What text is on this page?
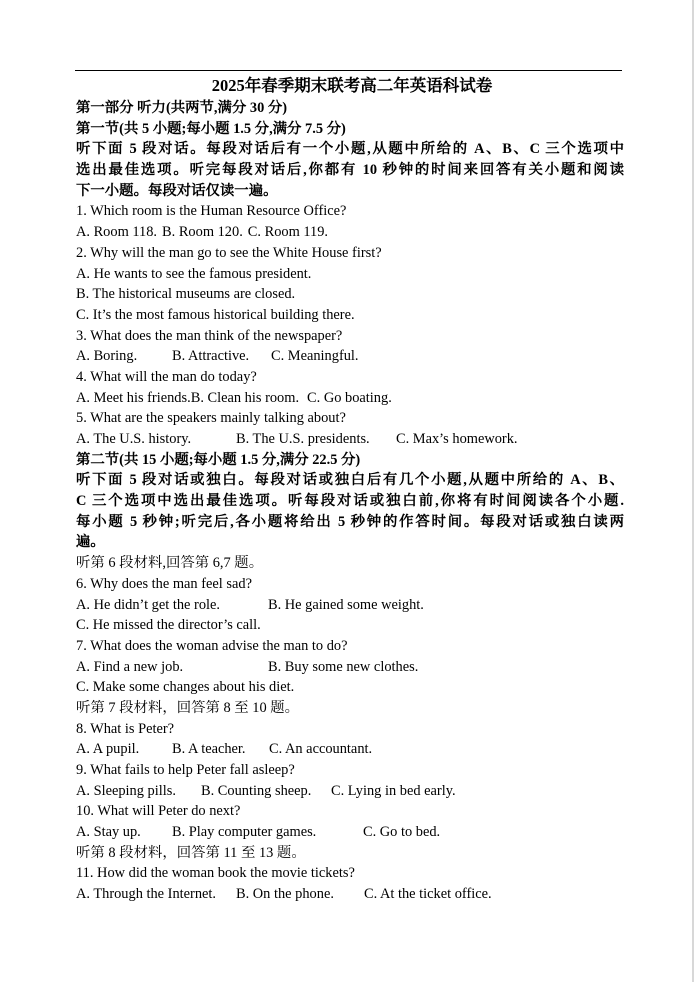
2025年春季期末联考高二年英语科试卷
第一部分 听力(共两节,满分 30 分)
第一节(共 5 小题;每小题 1.5 分,满分 7.5 分)
听下面 5 段对话。每段对话后有一个小题,从题中所给的 A、B、C 三个选项中
选出最佳选项。听完每段对话后,你都有 10 秒钟的时间来回答有关小题和阅读
下一小题。每段对话仅读一遍。
1. Which room is the Human Resource Office?
A. Room 118. B. Room 120. C. Room 119.
2. Why will the man go to see the White House first?
A. He wants to see the famous president.
B. The historical museums are closed.
C. It’s the most famous historical building there.
3. What does the man think of the newspaper?
A. Boring. B. Attractive. C. Meaningful.
4. What will the man do today?
A. Meet his friends.B. Clean his room. C. Go boating.
5. What are the speakers mainly talking about?
A. The U.S. history.	B. The U.S. presidents. C. Max’s homework.
第二节(共 15 小题;每小题 1.5 分,满分 22.5 分)
听下面 5 段对话或独白。每段对话或独白后有几个小题,从题中所给的 A、B、
C 三个选项中选出最佳选项。听每段对话或独白前,你将有时间阅读各个小题.
每小题 5 秒钟;听完后,各小题将给出 5 秒钟的作答时间。每段对话或独白读两
遍。
听第 6 段材料,回答第 6,7 题。
6. Why does the man feel sad?
A. He didn’t get the role.	B. He gained some weight.
C. He missed the director’s call.
7. What does the woman advise the man to do?
A. Find a new job.	B. Buy some new clothes.
C. Make some changes about his diet.
听第 7 段材料，回答第 8 至 10 题。
8. What is Peter?
A. A pupil. B. A teacher. C. An accountant.
9. What fails to help Peter fall asleep?
A. Sleeping pills. B. Counting sheep. C. Lying in bed early.
10. What will Peter do next?
A. Stay up. B. Play computer games.	C. Go to bed.
听第 8 段材料，回答第 11 至 13 题。
11. How did the woman book the movie tickets?
A. Through the Internet. B. On the phone. C. At the ticket office.
